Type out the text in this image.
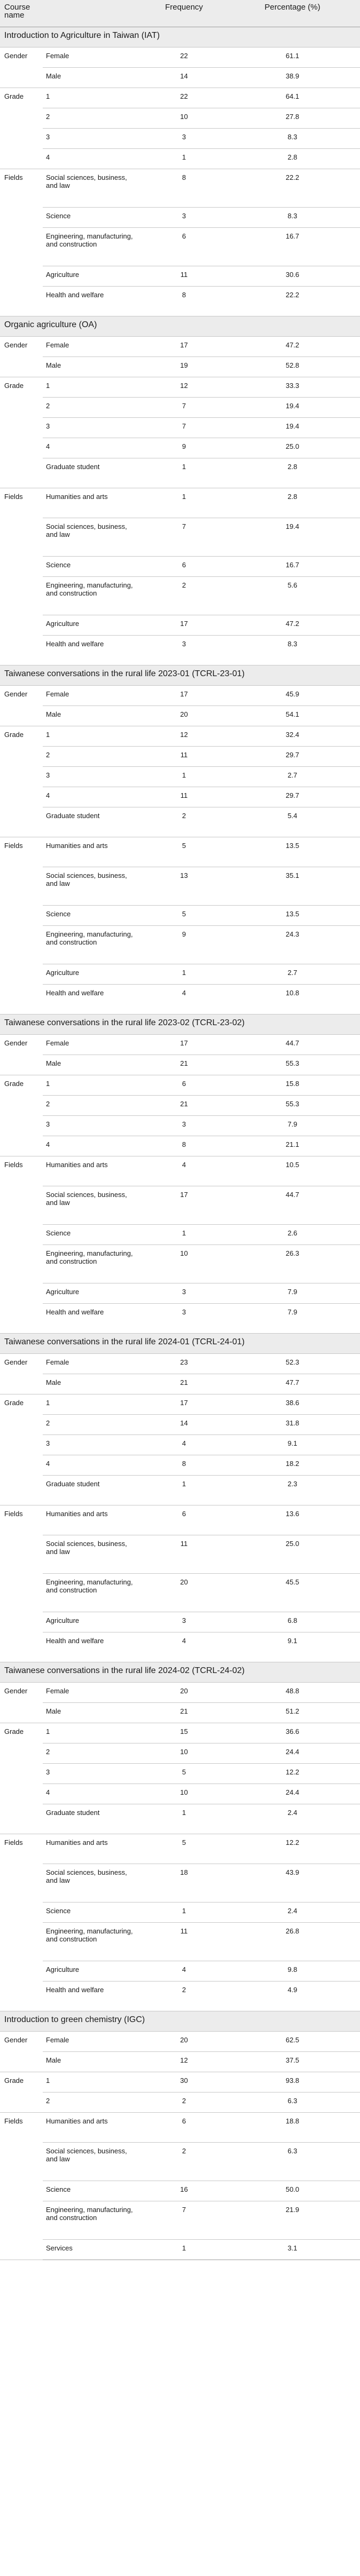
Course name		Frequency	Percentage (%)
Introduction to Agriculture in Taiwan (IAT)			
Gender	Female	22	61.1
	Male	14	38.9
Grade	1	22	64.1
	2	10	27.8
	3	3	8.3
	4	1	2.8
Fields	Social sciences, business, and law	8	22.2
	Science	3	8.3
	Engineering, manufacturing, and construction	6	16.7
	Agriculture	11	30.6
	Health and welfare	8	22.2
Organic agriculture (OA)			
Gender	Female	17	47.2
	Male	19	52.8
Grade	1	12	33.3
	2	7	19.4
	3	7	19.4
	4	9	25.0
	Graduate student	1	2.8
Fields	Humanities and arts	1	2.8
	Social sciences, business, and law	7	19.4
	Science	6	16.7
	Engineering, manufacturing, and construction	2	5.6
	Agriculture	17	47.2
	Health and welfare	3	8.3
Taiwanese conversations in the rural life 2023-01 (TCRL-23-01)			
Gender	Female	17	45.9
	Male	20	54.1
Grade	1	12	32.4
	2	11	29.7
	3	1	2.7
	4	11	29.7
	Graduate student	2	5.4
Fields	Humanities and arts	5	13.5
	Social sciences, business, and law	13	35.1
	Science	5	13.5
	Engineering, manufacturing, and construction	9	24.3
	Agriculture	1	2.7
	Health and welfare	4	10.8
Taiwanese conversations in the rural life 2023-02 (TCRL-23-02)			
Gender	Female	17	44.7
	Male	21	55.3
Grade	1	6	15.8
	2	21	55.3
	3	3	7.9
	4	8	21.1
Fields	Humanities and arts	4	10.5
	Social sciences, business, and law	17	44.7
	Science	1	2.6
	Engineering, manufacturing, and construction	10	26.3
	Agriculture	3	7.9
	Health and welfare	3	7.9
Taiwanese conversations in the rural life 2024-01 (TCRL-24-01)			
Gender	Female	23	52.3
	Male	21	47.7
Grade	1	17	38.6
	2	14	31.8
	3	4	9.1
	4	8	18.2
	Graduate student	1	2.3
Fields	Humanities and arts	6	13.6
	Social sciences, business, and law	11	25.0
	Engineering, manufacturing, and construction	20	45.5
	Agriculture	3	6.8
	Health and welfare	4	9.1
Taiwanese conversations in the rural life 2024-02 (TCRL-24-02)			
Gender	Female	20	48.8
	Male	21	51.2
Grade	1	15	36.6
	2	10	24.4
	3	5	12.2
	4	10	24.4
	Graduate student	1	2.4
Fields	Humanities and arts	5	12.2
	Social sciences, business, and law	18	43.9
	Science	1	2.4
	Engineering, manufacturing, and construction	11	26.8
	Agriculture	4	9.8
	Health and welfare	2	4.9
Introduction to green chemistry (IGC)			
Gender	Female	20	62.5
	Male	12	37.5
Grade	1	30	93.8
	2	2	6.3
Fields	Humanities and arts	6	18.8
	Social sciences, business, and law	2	6.3
	Science	16	50.0
	Engineering, manufacturing, and construction	7	21.9
	Services	1	3.1
